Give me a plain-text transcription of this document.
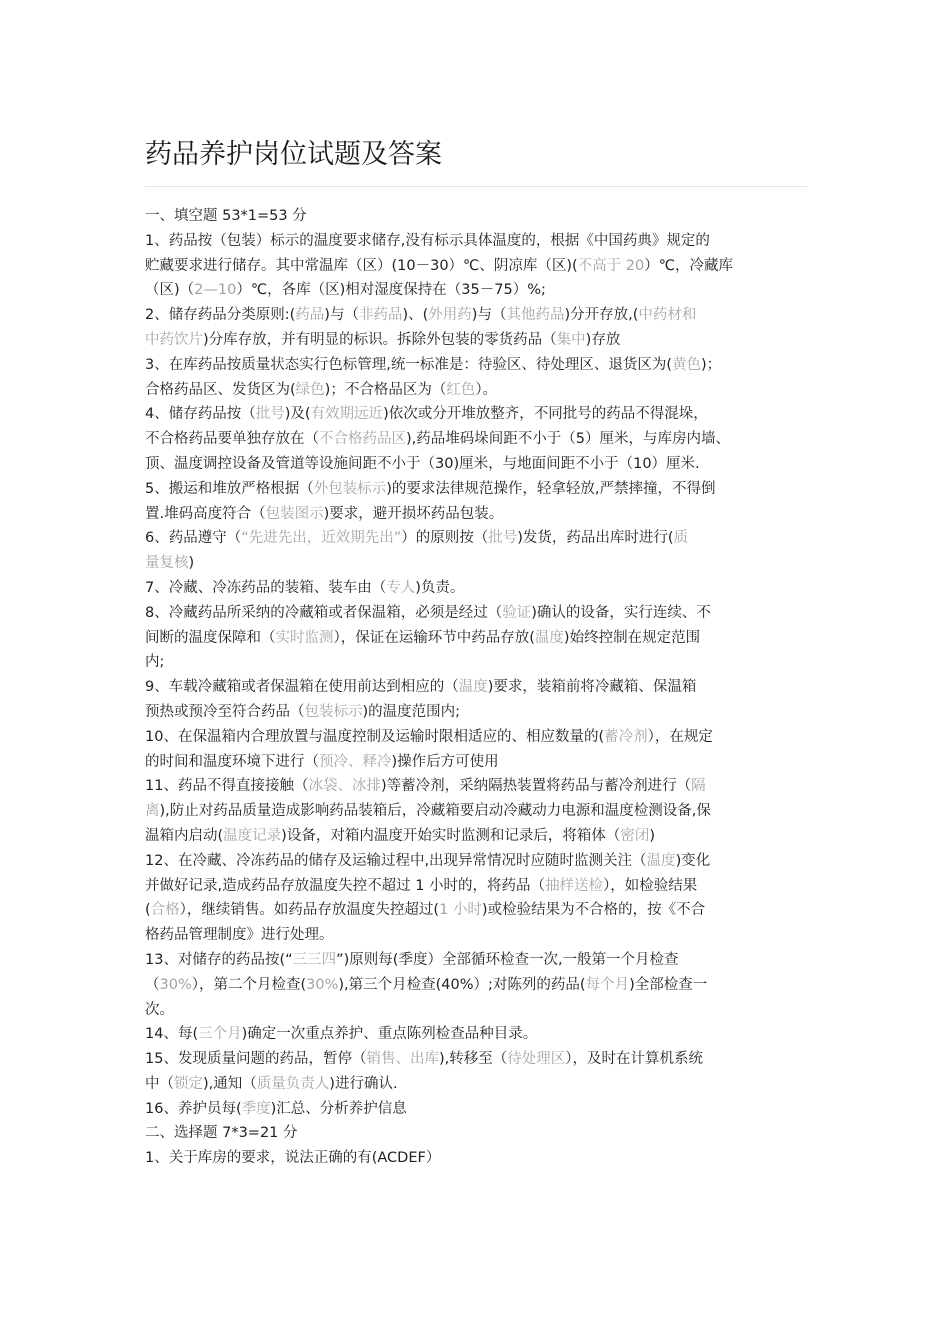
药品养护岗位试题及答案
一、填空题 53*1=53 分
1、药品按（包装）标示的温度要求储存,没有标示具体温度的，根据《中国药典》规定的
贮藏要求进行储存。其中常温库（区）(10－30）℃、阴凉库（区)(不高于 20）℃，冷藏库
（区)（2—10）℃，各库（区)相对湿度保持在（35－75）%;
2、储存药品分类原则:(药品)与（非药品)、(外用药)与（其他药品)分开存放,(中药材和
中药饮片)分库存放，并有明显的标识。拆除外包装的零货药品（集中)存放
3、在库药品按质量状态实行色标管理,统一标准是：待验区、待处理区、退货区为(黄色)；
合格药品区、发货区为(绿色)；不合格品区为（红色）。
4、储存药品按（批号)及(有效期远近)依次或分开堆放整齐，不同批号的药品不得混垛，
不合格药品要单独存放在（不合格药品区),药品堆码垛间距不小于（5）厘米，与库房内墙、
顶、温度调控设备及管道等设施间距不小于（30)厘米，与地面间距不小于（10）厘米.
5、搬运和堆放严格根据（外包装标示)的要求法律规范操作，轻拿轻放,严禁摔撞，不得倒
置.堆码高度符合（包装图示)要求，避开损坏药品包装。
6、药品遵守（“先进先出，近效期先出”）的原则按（批号)发货，药品出库时进行(质
量复核)
7、冷藏、冷冻药品的装箱、装车由（专人)负责。
8、冷藏药品所采纳的冷藏箱或者保温箱，必须是经过（验证)确认的设备，实行连续、不
间断的温度保障和（实时监测），保证在运输环节中药品存放(温度)始终控制在规定范围
内;
9、车载冷藏箱或者保温箱在使用前达到相应的（温度)要求，装箱前将冷藏箱、保温箱
预热或预冷至符合药品（包装标示)的温度范围内;
10、在保温箱内合理放置与温度控制及运输时限相适应的、相应数量的(蓄冷剂），在规定
的时间和温度环境下进行（预冷、释冷)操作后方可使用
11、药品不得直接接触（冰袋、冰排)等蓄冷剂，采纳隔热装置将药品与蓄冷剂进行（隔
离),防止对药品质量造成影响药品装箱后，冷藏箱要启动冷藏动力电源和温度检测设备,保
温箱内启动(温度记录)设备，对箱内温度开始实时监测和记录后，将箱体（密闭)
12、在冷藏、冷冻药品的储存及运输过程中,出现异常情况时应随时监测关注（温度)变化
并做好记录,造成药品存放温度失控不超过 1 小时的，将药品（抽样送检），如检验结果
(合格），继续销售。如药品存放温度失控超过(1 小时)或检验结果为不合格的，按《不合
格药品管理制度》进行处理。
13、对储存的药品按(“三三四”)原则每(季度）全部循环检查一次,一般第一个月检查
（30%），第二个月检查(30%),第三个月检查(40%）;对陈列的药品(每个月)全部检查一
次。
14、每(三个月)确定一次重点养护、重点陈列检查品种目录。
15、发现质量问题的药品，暂停（销售、出库),转移至（待处理区），及时在计算机系统
中（锁定),通知（质量负责人)进行确认.
16、养护员每(季度)汇总、分析养护信息
二、选择题 7*3=21 分
1、关于库房的要求，说法正确的有(ACDEF）
